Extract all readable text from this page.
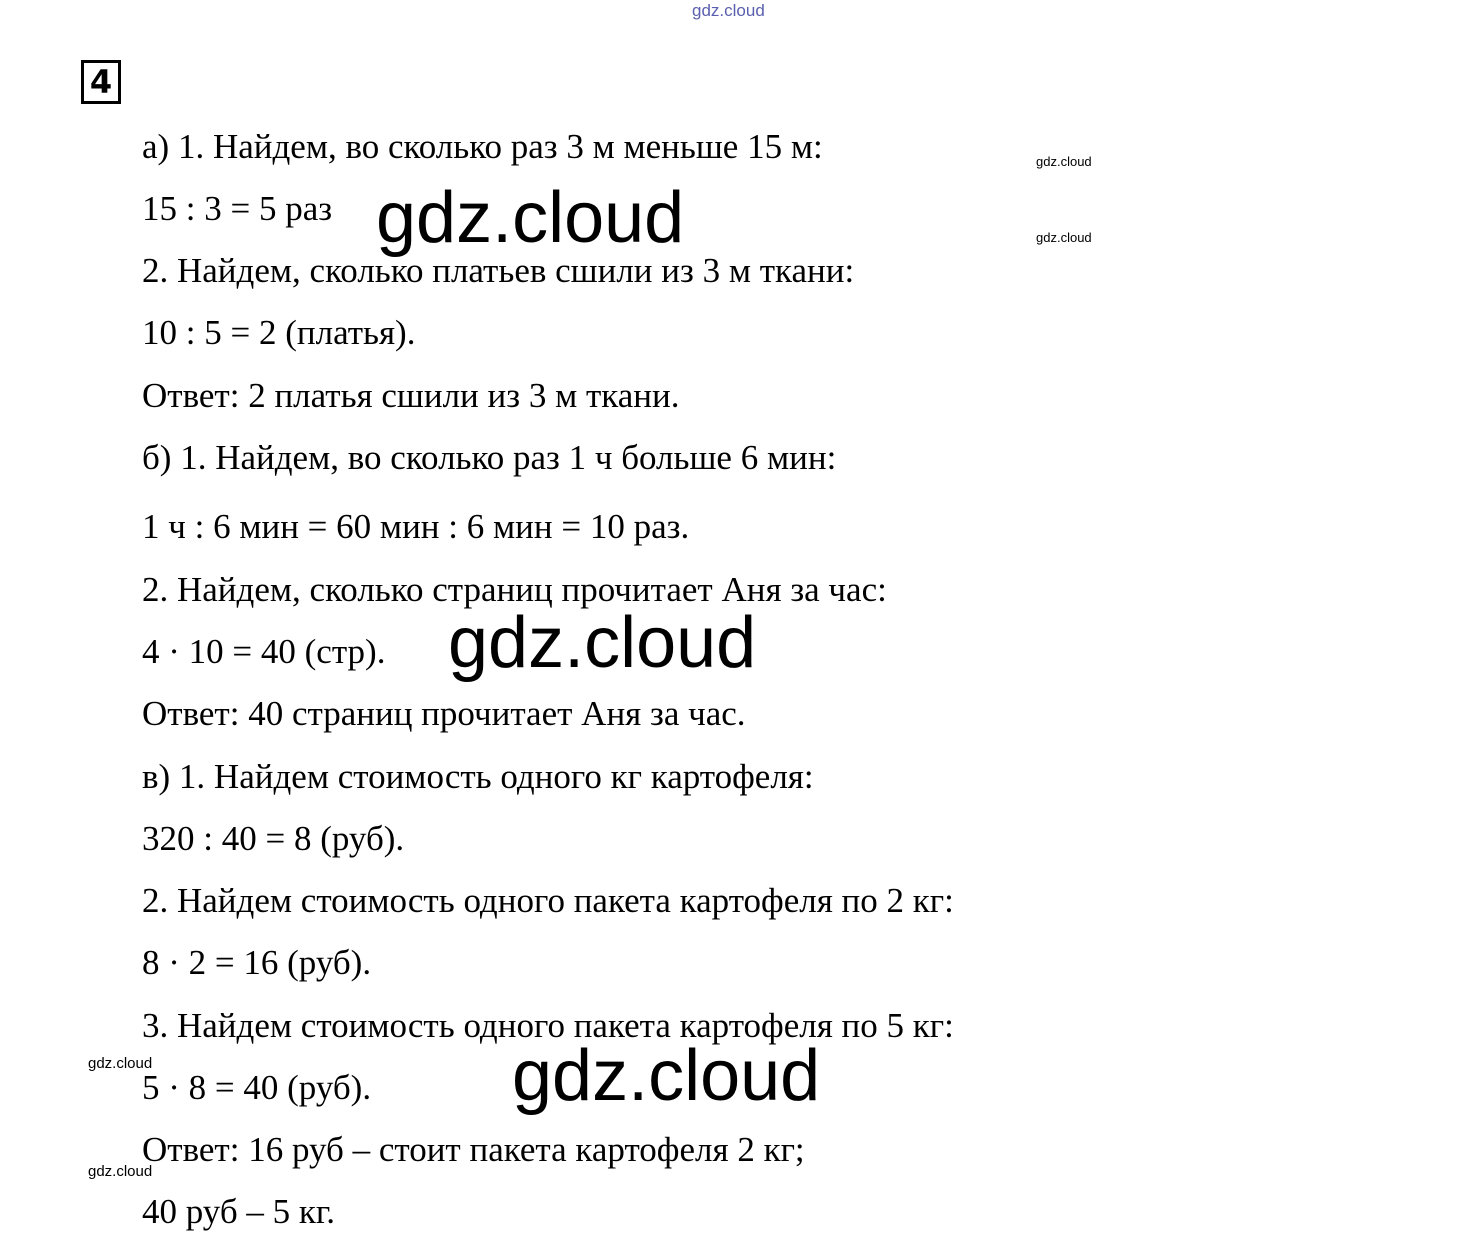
gdz.cloud
4
а) 1. Найдем, во сколько раз 3 м меньше 15 м:
15 : 3 = 5 раз
2. Найдем, сколько платьев сшили из 3 м ткани:
10 : 5 = 2 (платья).
Ответ: 2 платья сшили из 3 м ткани.
б) 1. Найдем, во сколько раз 1 ч больше 6 мин:
1 ч : 6 мин = 60 мин : 6 мин = 10 раз.
2. Найдем, сколько страниц прочитает Аня за час:
4 · 10 = 40 (стр).
Ответ: 40 страниц прочитает Аня за час.
в) 1. Найдем стоимость одного кг картофеля:
320 : 40 = 8 (руб).
2. Найдем стоимость одного пакета картофеля по 2 кг:
8 · 2 = 16 (руб).
3. Найдем стоимость одного пакета картофеля по 5 кг:
5 · 8 = 40 (руб).
Ответ: 16 руб – стоит пакета картофеля 2 кг;
40 руб – 5 кг.
gdz.cloud
gdz.cloud
gdz.cloud
gdz.cloud
gdz.cloud
gdz.cloud
gdz.cloud
